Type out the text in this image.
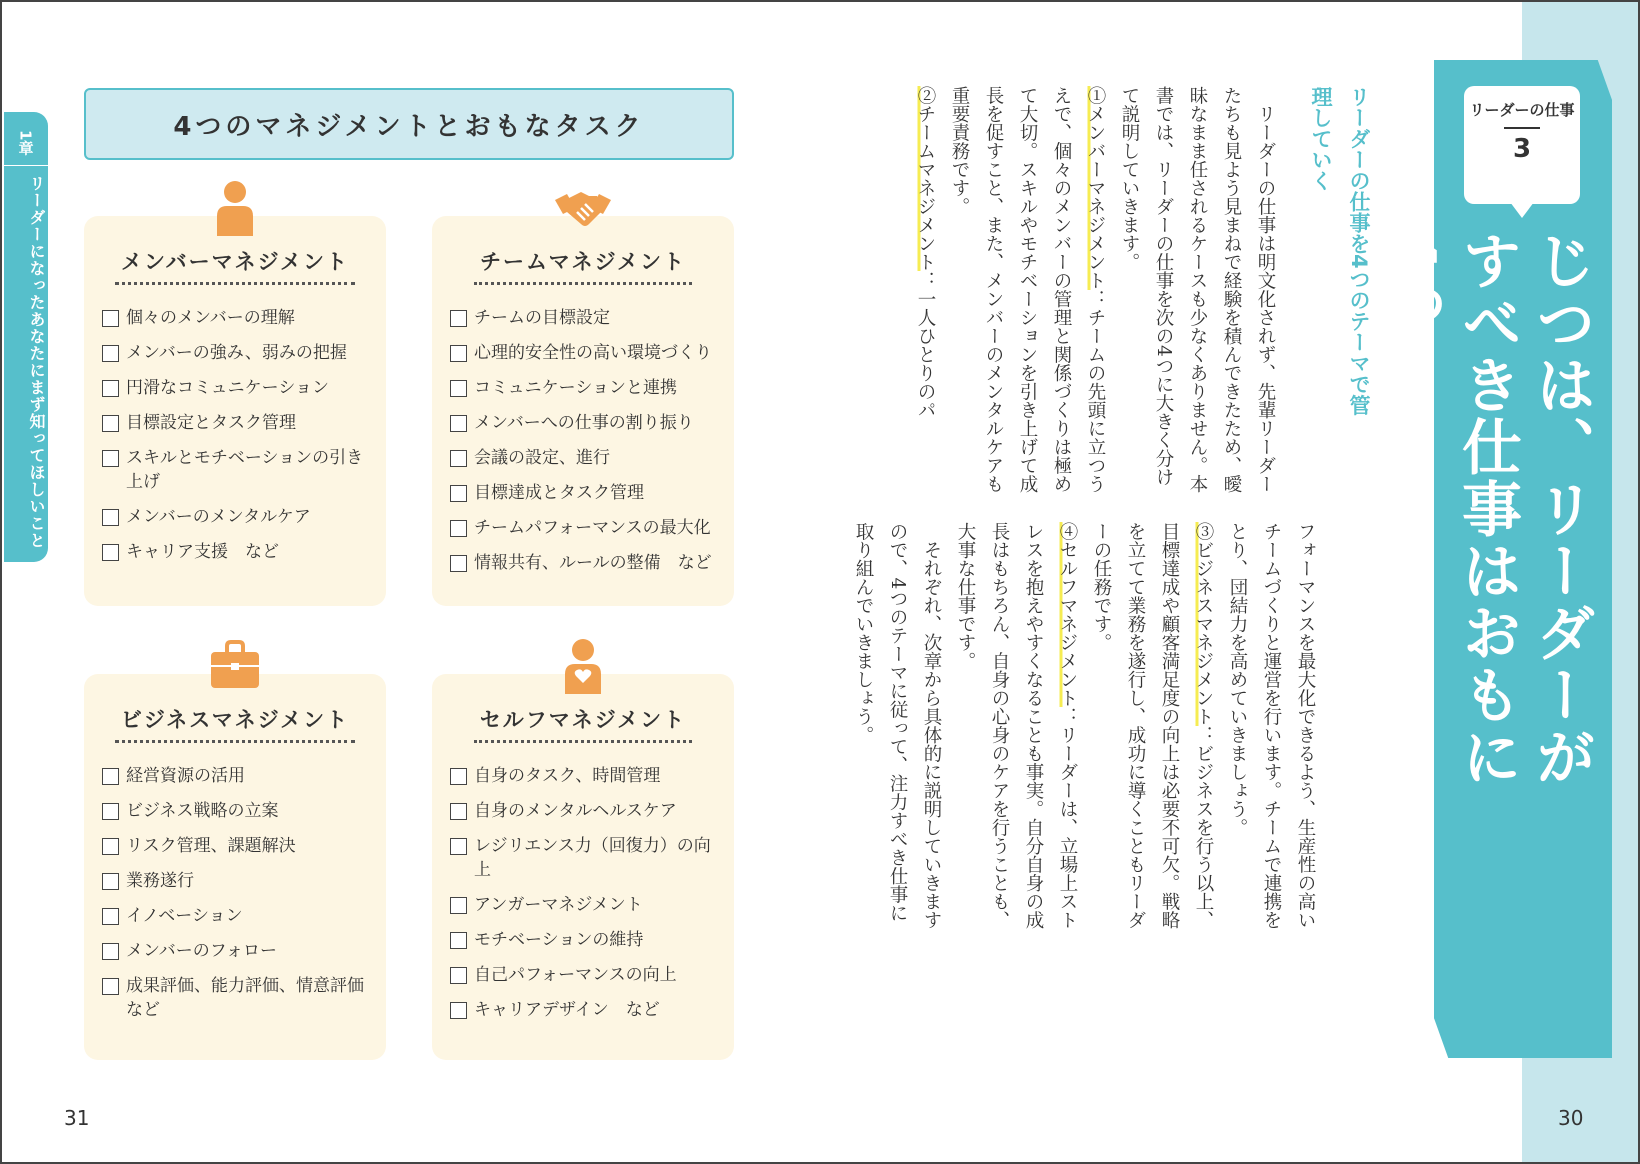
1章
リーダーになったあなたにまず知ってほしいこと
4つのマネジメントとおもなタスク
メンバーマネジメント
個々のメンバーの理解
メンバーの強み、弱みの把握
円滑なコミュニケーション
目標設定とタスク管理
スキルとモチベーションの引き上げ
メンバーのメンタルケア
キャリア支援　など
チームマネジメント
チームの目標設定
心理的安全性の高い環境づくり
コミュニケーションと連携
メンバーへの仕事の割り振り
会議の設定、進行
目標達成とタスク管理
チームパフォーマンスの最大化
情報共有、ルールの整備　など
ビジネスマネジメント
経営資源の活用
ビジネス戦略の立案
リスク管理、課題解決
業務遂行
イノベーション
メンバーのフォロー
成果評価、能力評価、情意評価　など
セルフマネジメント
自身のタスク、時間管理
自身のメンタルヘルスケア
レジリエンス力（回復力）の向上
アンガーマネジメント
モチベーションの維持
自己パフォーマンスの向上
キャリアデザイン　など
31
リーダーの仕事
3
じつは、リーダーがすべき仕事はおもに4つ
リーダーの仕事を4つのテーマで管理していく
　リーダーの仕事は明文化されず、先輩リーダーたちも見よう見まねで経験を積んできたため、曖昧なまま任されるケースも少なくありません。本書では、リーダーの仕事を次の4つに大きく分けて説明していきます。
①メンバーマネジメント：チームの先頭に立つうえで、個々のメンバーの管理と関係づくりは極めて大切。スキルやモチベーションを引き上げて成長を促すこと、また、メンバーのメンタルケアも重要責務です。
②チームマネジメント：一人ひとりのパ
フォーマンスを最大化できるよう、生産性の高いチームづくりと運営を行います。チームで連携をとり、団結力を高めていきましょう。
③ビジネスマネジメント：ビジネスを行う以上、目標達成や顧客満足度の向上は必要不可欠。戦略を立てて業務を遂行し、成功に導くこともリーダーの任務です。
④セルフマネジメント：リーダーは、立場上ストレスを抱えやすくなることも事実。自分自身の成長はもちろん、自身の心身のケアを行うことも、大事な仕事です。
　それぞれ、次章から具体的に説明していきますので、4つのテーマに従って、注力すべき仕事に取り組んでいきましょう。
30
